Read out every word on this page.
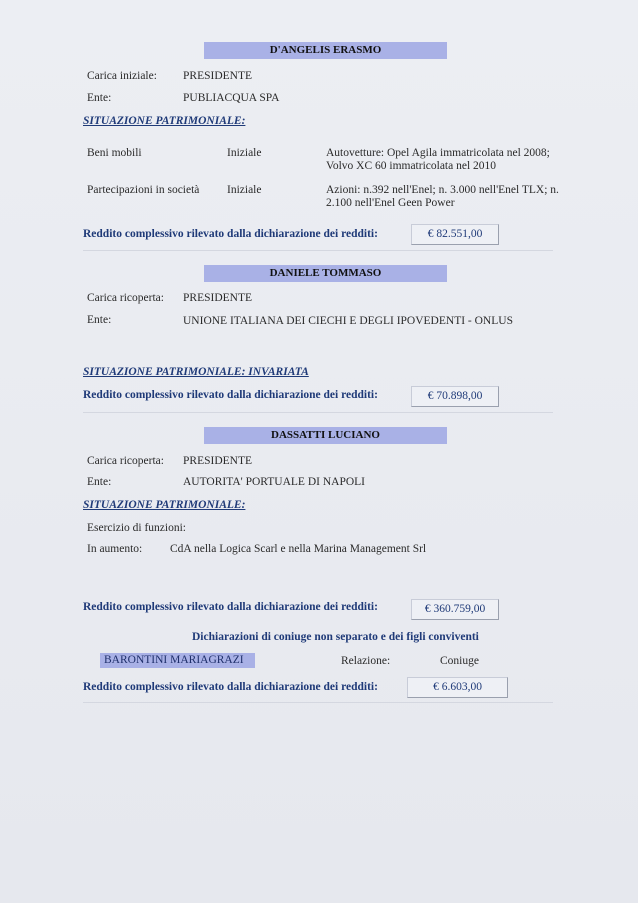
D'ANGELIS ERASMO
Carica iniziale: PRESIDENTE
Ente:	PUBLIACQUA SPA
SITUAZIONE PATRIMONIALE:
Beni mobili	Iniziale	Autovetture: Opel Agila immatricolata nel 2008; Volvo XC 60 immatricolata nel 2010
Partecipazioni in società Iniziale	Azioni: n.392 nell'Enel; n. 3.000 nell'Enel TLX; n. 2.100 nell'Enel Geen Power
Reddito complessivo rilevato dalla dichiarazione dei redditi:	€ 82.551,00
DANIELE TOMMASO
Carica ricoperta: PRESIDENTE
Ente:	UNIONE ITALIANA DEI CIECHI E DEGLI IPOVEDENTI - ONLUS
SITUAZIONE PATRIMONIALE: INVARIATA
Reddito complessivo rilevato dalla dichiarazione dei redditi:	€ 70.898,00
DASSATTI LUCIANO
Carica ricoperta: PRESIDENTE
Ente:	AUTORITA' PORTUALE DI NAPOLI
SITUAZIONE PATRIMONIALE:
Esercizio di funzioni:
In aumento: CdA nella Logica Scarl e nella Marina Management Srl
Reddito complessivo rilevato dalla dichiarazione dei redditi:	€ 360.759,00
Dichiarazioni di coniuge non separato e dei figli conviventi
BARONTINI MARIAGRAZI	Relazione:	Coniuge
Reddito complessivo rilevato dalla dichiarazione dei redditi:	€ 6.603,00
